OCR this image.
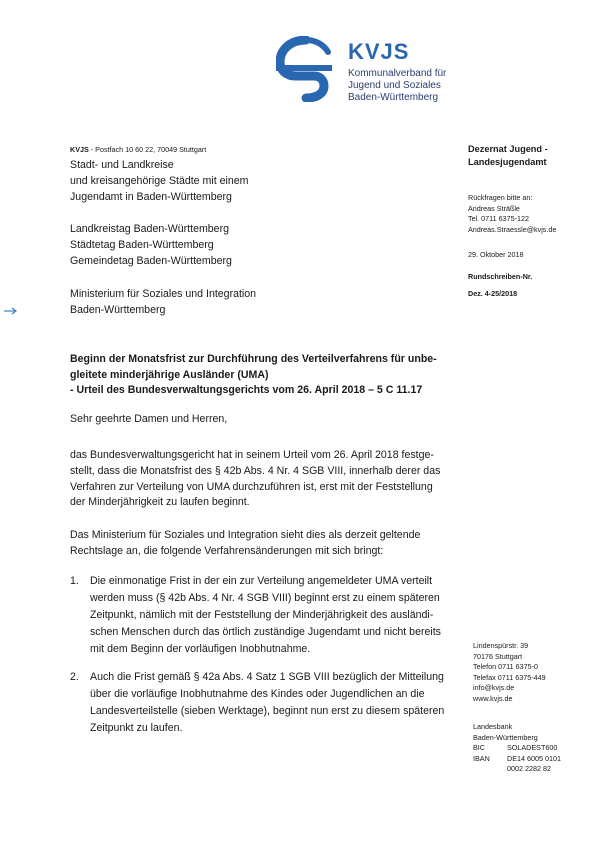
KVJS
Kommunalverband für
Jugend und Soziales
Baden-Württemberg
KVJS - Postfach 10 60 22, 70049 Stuttgart
Stadt- und Landkreise
und kreisangehörige Städte mit einem
Jugendamt in Baden-Württemberg
Landkreistag Baden-Württemberg
Städtetag Baden-Württemberg
Gemeindetag Baden-Württemberg
Ministerium für Soziales und Integration
Baden-Württemberg
Beginn der Monatsfrist zur Durchführung des Verteilverfahrens für unbe-
gleitete minderjährige Ausländer (UMA)
- Urteil des Bundesverwaltungsgerichts vom 26. April 2018 – 5 C 11.17
Sehr geehrte Damen und Herren,
das Bundesverwaltungsgericht hat in seinem Urteil vom 26. April 2018 festge-
stellt, dass die Monatsfrist des § 42b Abs. 4 Nr. 4 SGB VIII, innerhalb derer das
Verfahren zur Verteilung von UMA durchzuführen ist, erst mit der Feststellung
der Minderjährigkeit zu laufen beginnt.
Das Ministerium für Soziales und Integration sieht dies als derzeit geltende
Rechtslage an, die folgende Verfahrensänderungen mit sich bringt:
1. Die einmonatige Frist in der ein zur Verteilung angemeldeter UMA verteilt
werden muss (§ 42b Abs. 4 Nr. 4 SGB VIII) beginnt erst zu einem späteren
Zeitpunkt, nämlich mit der Feststellung der Minderjährigkeit des ausländi-
schen Menschen durch das örtlich zuständige Jugendamt und nicht bereits
mit dem Beginn der vorläufigen Inobhutnahme.
2. Auch die Frist gemäß § 42a Abs. 4 Satz 1 SGB VIII bezüglich der Mitteilung
über die vorläufige Inobhutnahme des Kindes oder Jugendlichen an die
Landesverteilstelle (sieben Werktage), beginnt nun erst zu diesem späteren
Zeitpunkt zu laufen.
Dezernat Jugend -
Landesjugendamt
Rückfragen bitte an:
Andreas Sträßle
Tel. 0711 6375-122
Andreas.Straessle@kvjs.de
29. Oktober 2018
Rundschreiben-Nr.
Dez. 4-25/2018
Lindenspürstr. 39
70176 Stuttgart
Telefon 0711 6375-0
Telefax 0711 6375-449
info@kvjs.de
www.kvjs.de
Landesbank
Baden-Württemberg
BIC	SOLADEST600
IBAN	DE14 6005 0101
0002 2282 82
